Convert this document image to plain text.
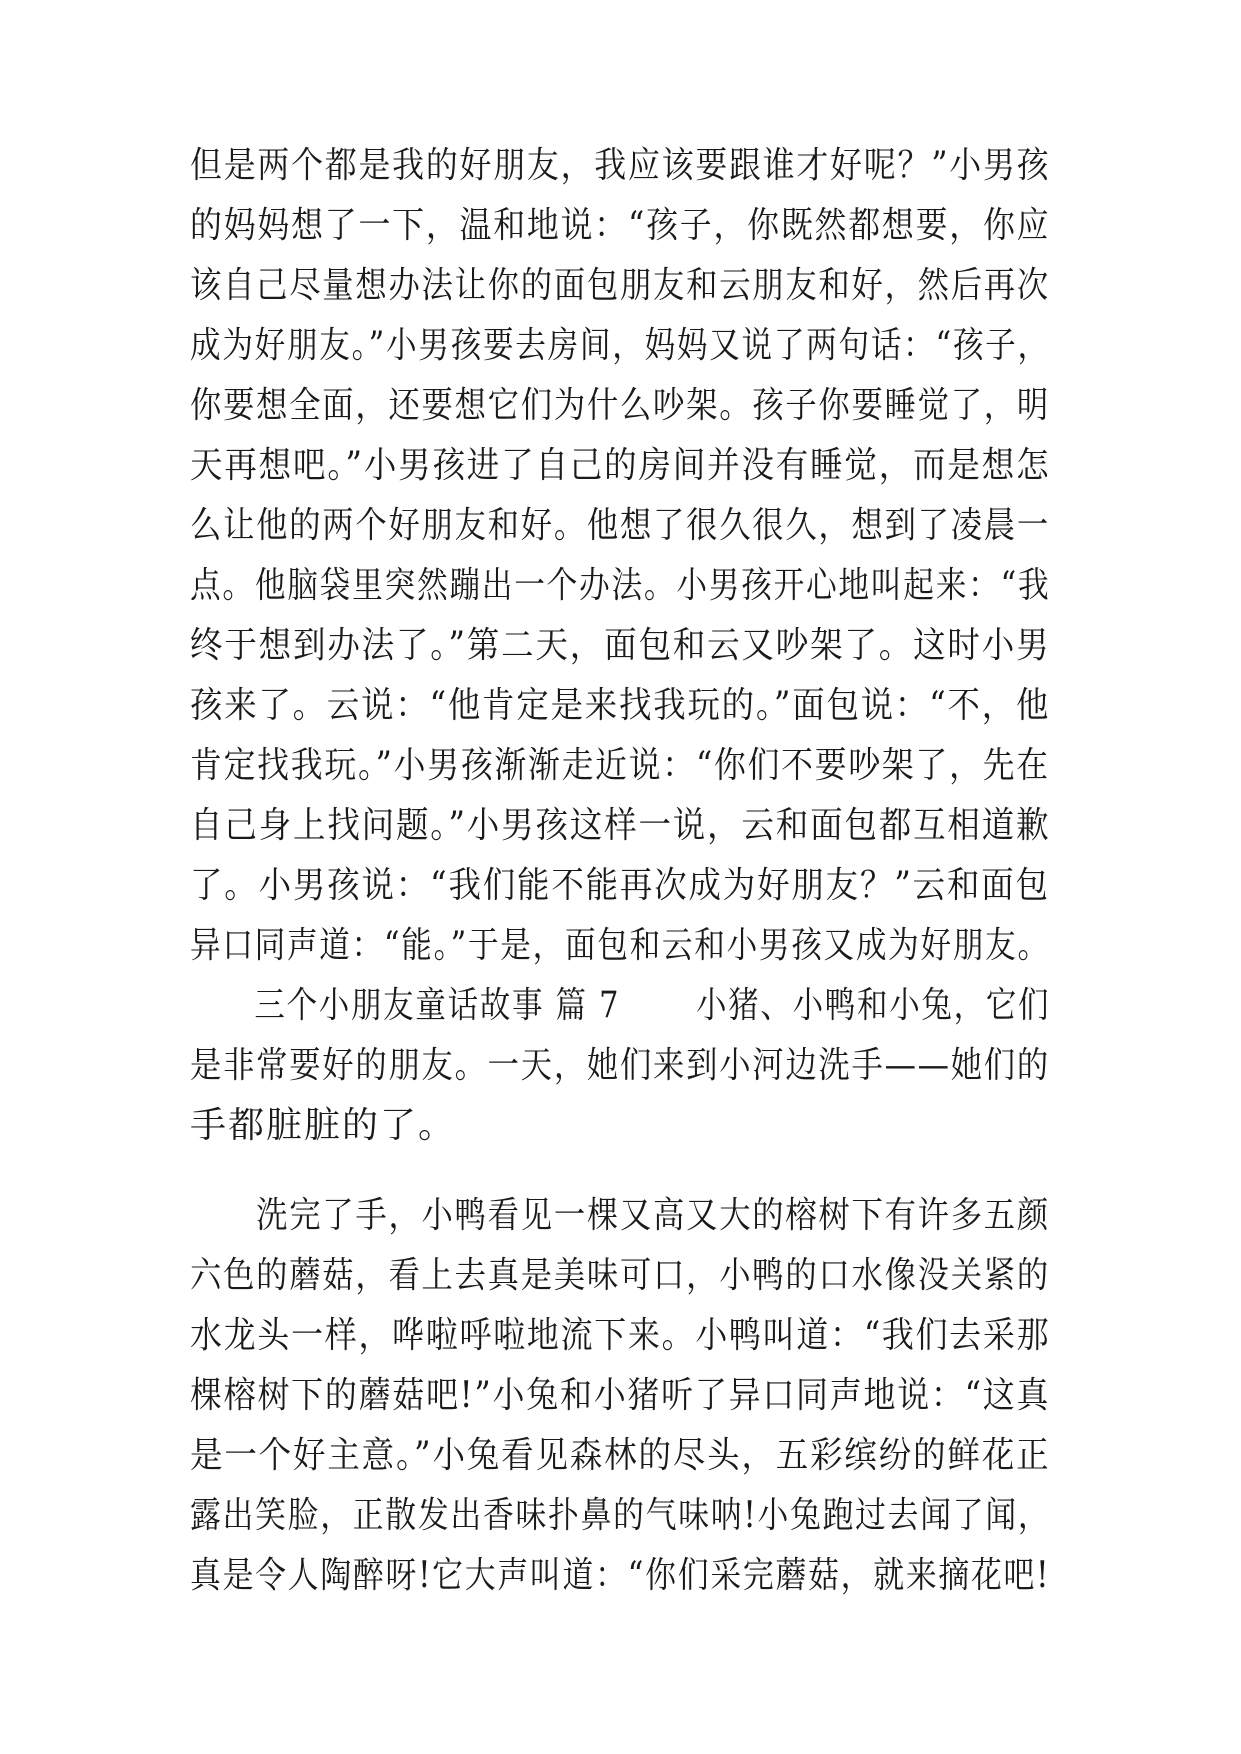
但是两个都是我的好朋友，我应该要跟谁才好呢？”小男孩
的妈妈想了一下，温和地说：“孩子，你既然都想要，你应
该自己尽量想办法让你的面包朋友和云朋友和好，然后再次
成为好朋友。”小男孩要去房间，妈妈又说了两句话：“孩子，
你要想全面，还要想它们为什么吵架。孩子你要睡觉了，明
天再想吧。”小男孩进了自己的房间并没有睡觉，而是想怎
么让他的两个好朋友和好。他想了很久很久，想到了凌晨一
点。他脑袋里突然蹦出一个办法。小男孩开心地叫起来：“我
终于想到办法了。”第二天，面包和云又吵架了。这时小男
孩来了。云说：“他肯定是来找我玩的。”面包说：“不，他
肯定找我玩。”小男孩渐渐走近说：“你们不要吵架了，先在
自己身上找问题。”小男孩这样一说，云和面包都互相道歉
了。小男孩说：“我们能不能再次成为好朋友？”云和面包
异口同声道：“能。”于是，面包和云和小男孩又成为好朋友。
　　三个小朋友童话故事 篇 7　　 小猪、小鸭和小兔，它们
是非常要好的朋友。一天，她们来到小河边洗手——她们的
手都脏脏的了。
　　洗完了手，小鸭看见一棵又高又大的榕树下有许多五颜
六色的蘑菇，看上去真是美味可口，小鸭的口水像没关紧的
水龙头一样，哗啦呼啦地流下来。小鸭叫道：“我们去采那
棵榕树下的蘑菇吧!”小兔和小猪听了异口同声地说：“这真
是一个好主意。”小兔看见森林的尽头，五彩缤纷的鲜花正
露出笑脸，正散发出香味扑鼻的气味呐!小兔跑过去闻了闻，
真是令人陶醉呀!它大声叫道：“你们采完蘑菇，就来摘花吧!
